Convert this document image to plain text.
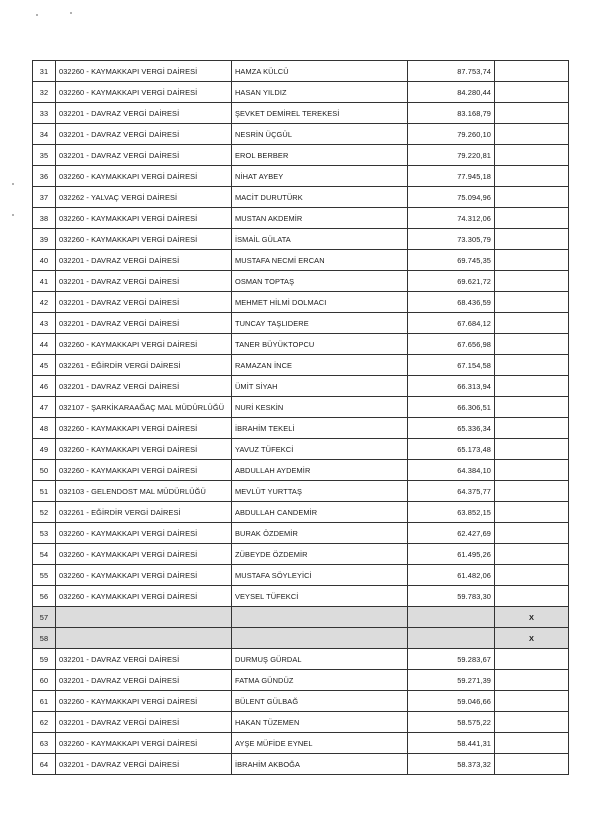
31	032260 - KAYMAKKAPI VERGİ DAİRESİ	HAMZA KÜLCÜ	87.753,74	
32	032260 - KAYMAKKAPI VERGİ DAİRESİ	HASAN YILDIZ	84.280,44	
33	032201 - DAVRAZ VERGİ DAİRESİ	ŞEVKET DEMİREL TEREKESİ	83.168,79	
34	032201 - DAVRAZ VERGİ DAİRESİ	NESRİN ÜÇGÜL	79.260,10	
35	032201 - DAVRAZ VERGİ DAİRESİ	EROL BERBER	79.220,81	
36	032260 - KAYMAKKAPI VERGİ DAİRESİ	NİHAT AYBEY	77.945,18	
37	032262 - YALVAÇ VERGİ DAİRESİ	MACİT DURUTÜRK	75.094,96	
38	032260 - KAYMAKKAPI VERGİ DAİRESİ	MUSTAN AKDEMİR	74.312,06	
39	032260 - KAYMAKKAPI VERGİ DAİRESİ	İSMAİL GÜLATA	73.305,79	
40	032201 - DAVRAZ VERGİ DAİRESİ	MUSTAFA NECMİ ERCAN	69.745,35	
41	032201 - DAVRAZ VERGİ DAİRESİ	OSMAN TOPTAŞ	69.621,72	
42	032201 - DAVRAZ VERGİ DAİRESİ	MEHMET HİLMİ DOLMACI	68.436,59	
43	032201 - DAVRAZ VERGİ DAİRESİ	TUNCAY TAŞLIDERE	67.684,12	
44	032260 - KAYMAKKAPI VERGİ DAİRESİ	TANER BÜYÜKTOPCU	67.656,98	
45	032261 - EĞİRDİR VERGİ DAİRESİ	RAMAZAN İNCE	67.154,58	
46	032201 - DAVRAZ VERGİ DAİRESİ	ÜMİT SİYAH	66.313,94	
47	032107 - ŞARKİKARAAĞAÇ MAL MÜDÜRLÜĞÜ	NURİ KESKİN	66.306,51	
48	032260 - KAYMAKKAPI VERGİ DAİRESİ	İBRAHİM TEKELİ	65.336,34	
49	032260 - KAYMAKKAPI VERGİ DAİRESİ	YAVUZ TÜFEKCİ	65.173,48	
50	032260 - KAYMAKKAPI VERGİ DAİRESİ	ABDULLAH AYDEMİR	64.384,10	
51	032103 - GELENDOST MAL MÜDÜRLÜĞÜ	MEVLÜT YURTTAŞ	64.375,77	
52	032261 - EĞİRDİR VERGİ DAİRESİ	ABDULLAH CANDEMİR	63.852,15	
53	032260 - KAYMAKKAPI VERGİ DAİRESİ	BURAK ÖZDEMİR	62.427,69	
54	032260 - KAYMAKKAPI VERGİ DAİRESİ	ZÜBEYDE ÖZDEMİR	61.495,26	
55	032260 - KAYMAKKAPI VERGİ DAİRESİ	MUSTAFA SÖYLEYİCİ	61.482,06	
56	032260 - KAYMAKKAPI VERGİ DAİRESİ	VEYSEL TÜFEKCİ	59.783,30	
57				X
58				X
59	032201 - DAVRAZ VERGİ DAİRESİ	DURMUŞ GÜRDAL	59.283,67	
60	032201 - DAVRAZ VERGİ DAİRESİ	FATMA GÜNDÜZ	59.271,39	
61	032260 - KAYMAKKAPI VERGİ DAİRESİ	BÜLENT GÜLBAĞ	59.046,66	
62	032201 - DAVRAZ VERGİ DAİRESİ	HAKAN TÜZEMEN	58.575,22	
63	032260 - KAYMAKKAPI VERGİ DAİRESİ	AYŞE MÜFİDE EYNEL	58.441,31	
64	032201 - DAVRAZ VERGİ DAİRESİ	İBRAHİM AKBOĞA	58.373,32	
